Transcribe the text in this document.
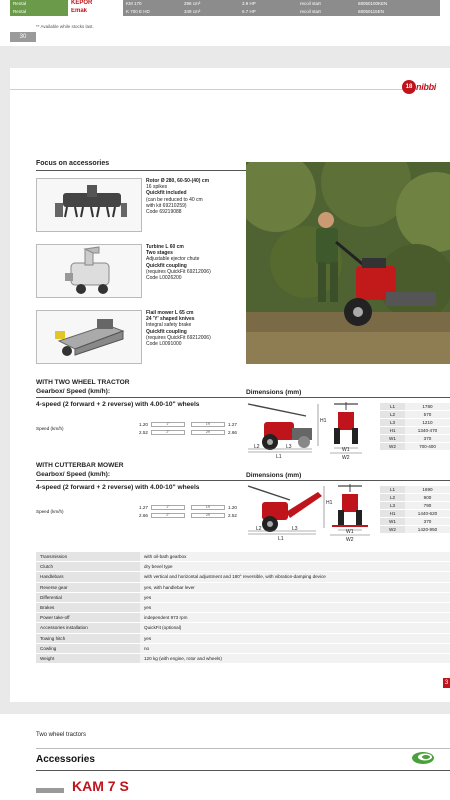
Rental	KEPOR	KM 170	296 cm³	3.9 HP	recoil start	68050100KEN
Rental	Emak	K 700 E HD	349 cm³	6.7 HP	recoil start	68050115EN
** Available while stocks last.
30
18 nibbi
Focus on accessories
Rotor Ø 280, 60-50-(40) cm
16 spikes
Quickfit included
(can be reduced to 40 cm
with kit 69210259)
Code 69219088
Turbine L 60 cm
Two stages
Adjustable ejector chute
Quickfit coupling
(requires QuickFit 69212006)
Code L0026200
Flail mower L 65 cm
24 'Y' shaped knives
Integral safety brake
Quickfit coupling
(requires QuickFit 69212006)
Code L0091000
WITH TWO WHEEL TRACTOR
Gearbox/ Speed (km/h):
4-speed (2 forward + 2 reverse) with 4.00-10" wheels
Dimensions (mm)
Speed (km/h)
1.20	1°	1R	1.27
2.52	2°	2R	2.66
L2	L3
L1
H1
W1
W2
L1	1780
L2	570
L3	1210
H1	1340-470
W1	370
W2	700-400
WITH CUTTERBAR MOWER
Gearbox/ Speed (km/h):
4-speed (2 forward + 2 reverse) with 4.00-10" wheels
Dimensions (mm)
Speed (km/h)
1.27	1°	1R	1.20
2.66	2°	2R	2.52
L2	L3
L1
H1
W1
W2
L1	1690
L2	900
L3	790
H1	1440-620
W1	370
W2	1420-950
Transmission	with oil-bath gearbox
Clutch	dry bevel type
Handlebars	with vertical and horizontal adjustment and 180° reversible, with vibration-damping device
Reverse gear	yes, with handlebar lever
Differential	yes
Brakes	yes
Power take-off	independent 973 rpm
Accessories installation	QuickFit (optional)
Towing hitch	yes
Cowling	no
Weight	120 kg (with engine, rotor and wheels)
3
Two wheel tractors
Accessories
KAM 7 S
